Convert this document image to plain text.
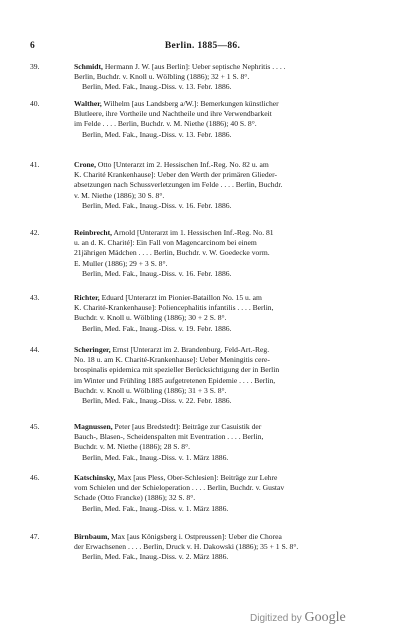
6	Berlin. 1885—86.
39.	Schmidt, Hermann J. W. [aus Berlin]: Ueber septische Nephritis . . . .
Berlin, Buchdr. v. Knoll u. Wölbling (1886); 32 + 1 S. 8°.
Berlin, Med. Fak., Inaug.-Diss. v. 13. Febr. 1886.
40.	Walther, Wilhelm [aus Landsberg a/W.]: Bemerkungen künstlicher
Blutleere, ihre Vortheile und Nachtheile und ihre Verwendbarkeit
im Felde . . . . Berlin, Buchdr. v. M. Niethe (1886); 40 S. 8°.
Berlin, Med. Fak., Inaug.-Diss. v. 13. Febr. 1886.
41.	Crone, Otto [Unterarzt im 2. Hessischen Inf.-Reg. No. 82 u. am
K. Charité Krankenhause]: Ueber den Werth der primären Glieder-
absetzungen nach Schussverletzungen im Felde . . . . Berlin, Buchdr.
v. M. Niethe (1886); 30 S. 8°.
Berlin, Med. Fak., Inaug.-Diss. v. 16. Febr. 1886.
42.	Reinbrecht, Arnold [Unterarzt im 1. Hessischen Inf.-Reg. No. 81
u. an d. K. Charité]: Ein Fall von Magencarcinom bei einem
21jährigen Mädchen . . . . Berlin, Buchdr. v. W. Goedecke vorm.
E. Muller (1886); 29 + 3 S. 8°.
Berlin, Med. Fak., Inaug.-Diss. v. 16. Febr. 1886.
43.	Richter, Eduard [Unterarzt im Pionier-Bataillon No. 15 u. am
K. Charité-Krankenhause]: Poliencephalitis infantilis . . . . Berlin,
Buchdr. v. Knoll u. Wölbling (1886); 30 + 2 S. 8°.
Berlin, Med. Fak., Inaug.-Diss. v. 19. Febr. 1886.
44.	Scheringer, Ernst [Unterarzt im 2. Brandenburg. Feld-Art.-Reg.
No. 18 u. am K. Charité-Krankenhause]: Ueber Meningitis cere-
brospinalis epidemica mit spezieller Berücksichtigung der in Berlin
im Winter und Frühling 1885 aufgetretenen Epidemie . . . . Berlin,
Buchdr. v. Knoll u. Wölbling (1886); 31 + 3 S. 8°.
Berlin, Med. Fak., Inaug.-Diss. v. 22. Febr. 1886.
45.	Magnussen, Peter [aus Bredstedt]: Beiträge zur Casuistik der
Bauch-, Blasen-, Scheidenspalten mit Eventration . . . . Berlin,
Buchdr. v. M. Niethe (1886); 28 S. 8°.
Berlin, Med. Fak., Inaug.-Diss. v. 1. März 1886.
46.	Katschinsky, Max [aus Pless, Ober-Schlesien]: Beiträge zur Lehre
vom Schielen und der Schieloperation . . . . Berlin, Buchdr. v. Gustav
Schade (Otto Francke) (1886); 32 S. 8°.
Berlin, Med. Fak., Inaug.-Diss. v. 1. März 1886.
47.	Birnbaum, Max [aus Königsberg i. Ostpreussen]: Ueber die Chorea
der Erwachsenen . . . . Berlin, Druck v. H. Dakowski (1886); 35 + 1 S. 8°.
Berlin, Med. Fak., Inaug.-Diss. v. 2. März 1886.
Digitized by Google
